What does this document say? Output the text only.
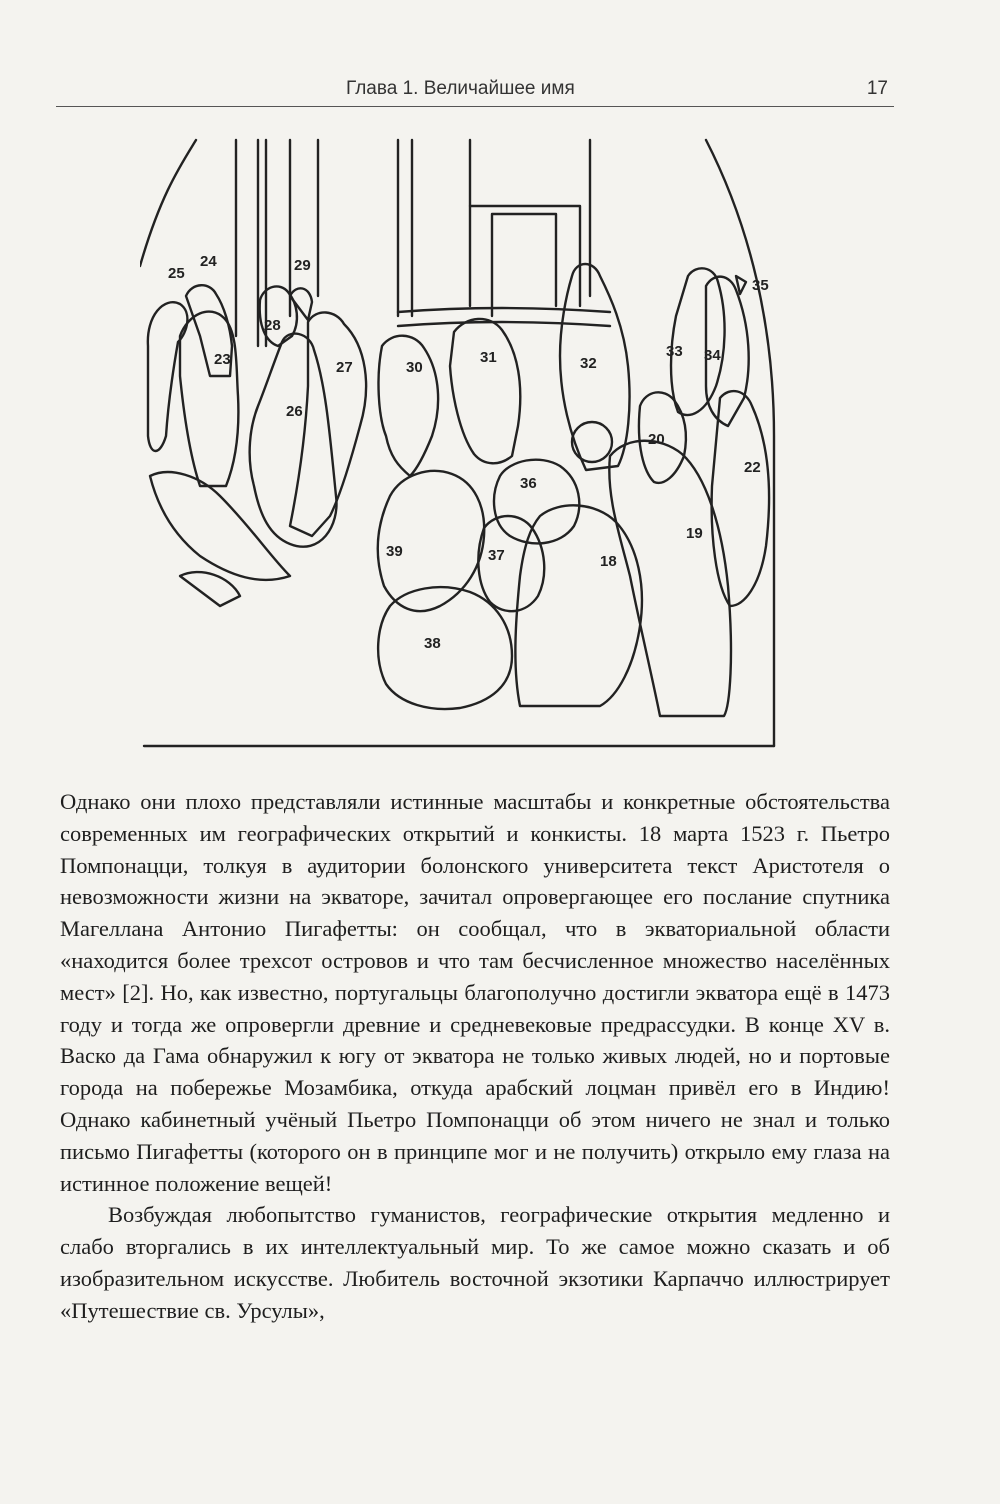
Глава 1. Величайшее имя	17
25
24	29
35
28
23	27	30
31	32
33 34
26
20
22
36
19
39	37	18
38

Однако они плохо представляли истинные масштабы и конкретные обстоятельства современных им географических открытий и конкисты. 18 марта 1523 г. Пьетро Помпонацци, толкуя в аудитории болонского университета текст Аристотеля о невозможности жизни на экваторе, зачитал опровергающее его послание спутника Магеллана Антонио Пигафетты: он сообщал, что в экваториальной области «находится более трехсот островов и что там бесчисленное множество населённых мест» [2]. Но, как известно, португальцы благополучно достигли экватора ещё в 1473 году и тогда же опровергли древние и средневековые предрассудки. В конце XV в. Васко да Гама обнаружил к югу от экватора не только живых людей, но и портовые города на побережье Мозамбика, откуда арабский лоцман привёл его в Индию! Однако кабинетный учёный Пьетро Помпонацци об этом ничего не знал и только письмо Пигафетты (которого он в принципе мог и не получить) открыло ему глаза на истинное положение вещей!

Возбуждая любопытство гуманистов, географические открытия медленно и слабо вторгались в их интеллектуальный мир. То же самое можно сказать и об изобразительном искусстве. Любитель восточной экзотики Карпаччо иллюстрирует «Путешествие св. Урсулы»,
